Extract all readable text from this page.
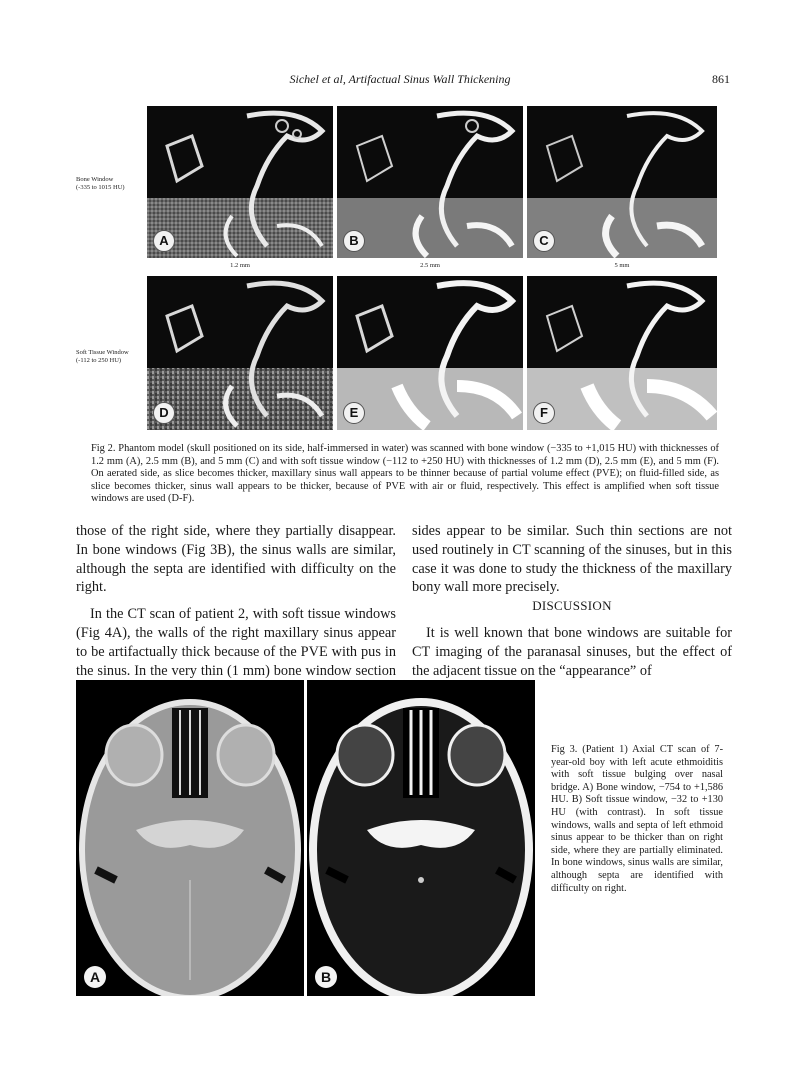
Sichel et al, Artifactual Sinus Wall Thickening	861
Bone Window
(-335 to 1015 HU)
Soft Tissue Window
(-112 to 250 HU)
A	B	C
1.2 mm	2.5 mm	5 mm
D	E	F
Fig 2. Phantom model (skull positioned on its side, half-immersed in water) was scanned with bone window (−335 to +1,015 HU) with thicknesses of 1.2 mm (A), 2.5 mm (B), and 5 mm (C) and with soft tissue window (−112 to +250 HU) with thicknesses of 1.2 mm (D), 2.5 mm (E), and 5 mm (F). On aerated side, as slice becomes thicker, maxillary sinus wall appears to be thinner because of partial volume effect (PVE); on fluid-filled side, as slice becomes thicker, sinus wall appears to be thicker, because of PVE with air or fluid, respectively. This effect is amplified when soft tissue windows are used (D-F).

those of the right side, where they partially disappear. In bone windows (Fig 3B), the sinus walls are similar, although the septa are identified with difficulty on the right.

In the CT scan of patient 2, with soft tissue windows (Fig 4A), the walls of the right maxillary sinus appear to be artifactually thick because of the PVE with pus in the sinus. In the very thin (1 mm) bone window section

sides appear to be similar. Such thin sections are not used routinely in CT scanning of the sinuses, but in this case it was done to study the thickness of the maxillary bony wall more precisely.

DISCUSSION

It is well known that bone windows are suitable for CT imaging of the paranasal sinuses, but the effect of the adjacent tissue on the “appearance” of

A	B
Fig 3. (Patient 1) Axial CT scan of 7-year-old boy with left acute ethmoiditis with soft tissue bulging over nasal bridge. A) Bone window, −754 to +1,586 HU. B) Soft tissue window, −32 to +130 HU (with contrast). In soft tissue windows, walls and septa of left ethmoid sinus appear to be thicker than on right side, where they are partially eliminated. In bone windows, sinus walls are similar, although septa are identified with difficulty on right.
